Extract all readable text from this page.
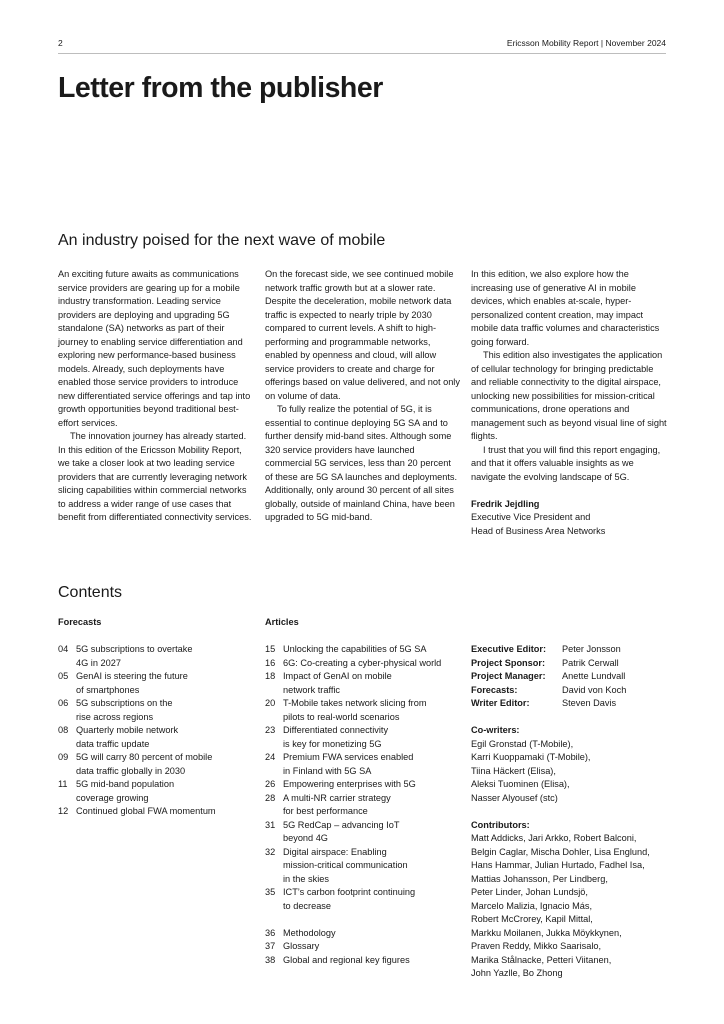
2	Ericsson Mobility Report | November 2024
Letter from the publisher
An industry poised for the next wave of mobile

An exciting future awaits as communications service providers are gearing up for a mobile industry transformation. Leading service providers are deploying and upgrading 5G standalone (SA) networks as part of their journey to enabling service differentiation and exploring new performance-based business models. Already, such deployments have enabled those service providers to introduce new differentiated service offerings and tap into growth opportunities beyond traditional best-effort services.

The innovation journey has already started. In this edition of the Ericsson Mobility Report, we take a closer look at two leading service providers that are currently leveraging network slicing capabilities within commercial networks to address a wider range of use cases that benefit from differentiated connectivity services.

On the forecast side, we see continued mobile network traffic growth but at a slower rate. Despite the deceleration, mobile network data traffic is expected to nearly triple by 2030 compared to current levels. A shift to high-performing and programmable networks, enabled by openness and cloud, will allow service providers to create and charge for offerings based on value delivered, and not only on volume of data.

To fully realize the potential of 5G, it is essential to continue deploying 5G SA and to further densify mid-band sites. Although some 320 service providers have launched commercial 5G services, less than 20 percent of these are 5G SA launches and deployments. Additionally, only around 30 percent of all sites globally, outside of mainland China, have been upgraded to 5G mid-band.

In this edition, we also explore how the increasing use of generative AI in mobile devices, which enables at-scale, hyper-personalized content creation, may impact mobile data traffic volumes and characteristics going forward.

This edition also investigates the application of cellular technology for bringing predictable and reliable connectivity to the digital airspace, unlocking new possibilities for mission-critical communications, drone operations and management such as beyond visual line of sight flights.

I trust that you will find this report engaging, and that it offers valuable insights as we navigate the evolving landscape of 5G.

Fredrik Jejdling
Executive Vice President and
Head of Business Area Networks

Contents
Forecasts	Articles
04 5G subscriptions to overtake
4G in 2027
05 GenAI is steering the future
of smartphones
06 5G subscriptions on the
rise across regions
08 Quarterly mobile network
data traffic update
09 5G will carry 80 percent of mobile
data traffic globally in 2030
11 5G mid-band population
coverage growing
12 Continued global FWA momentum
15 Unlocking the capabilities of 5G SA
16 6G: Co-creating a cyber-physical world
18 Impact of GenAI on mobile
network traffic
20 T-Mobile takes network slicing from
pilots to real-world scenarios
23 Differentiated connectivity
is key for monetizing 5G
24 Premium FWA services enabled
in Finland with 5G SA
26 Empowering enterprises with 5G
28 A multi-NR carrier strategy
for best performance
31 5G RedCap – advancing IoT
beyond 4G
32 Digital airspace: Enabling
mission-critical communication
in the skies
35 ICT’s carbon footprint continuing
to decrease
36 Methodology
37 Glossary
38 Global and regional key figures
Executive Editor:	Peter Jonsson
Project Sponsor:	Patrik Cerwall
Project Manager:	Anette Lundvall
Forecasts:	David von Koch
Writer Editor:	Steven Davis
Co-writers:
Egil Gronstad (T-Mobile),
Karri Kuoppamaki (T-Mobile),
Tiina Häckert (Elisa),
Aleksi Tuominen (Elisa),
Nasser Alyousef (stc)
Contributors:
Matt Addicks, Jari Arkko, Robert Balconi,
Belgin Caglar, Mischa Dohler, Lisa Englund,
Hans Hammar, Julian Hurtado, Fadhel Isa,
Mattias Johansson, Per Lindberg,
Peter Linder, Johan Lundsjö,
Marcelo Malizia, Ignacio Más,
Robert McCrorey, Kapil Mittal,
Markku Moilanen, Jukka Möykkynen,
Praven Reddy, Mikko Saarisalo,
Marika Stålnacke, Petteri Viitanen,
John Yazlle, Bo Zhong
